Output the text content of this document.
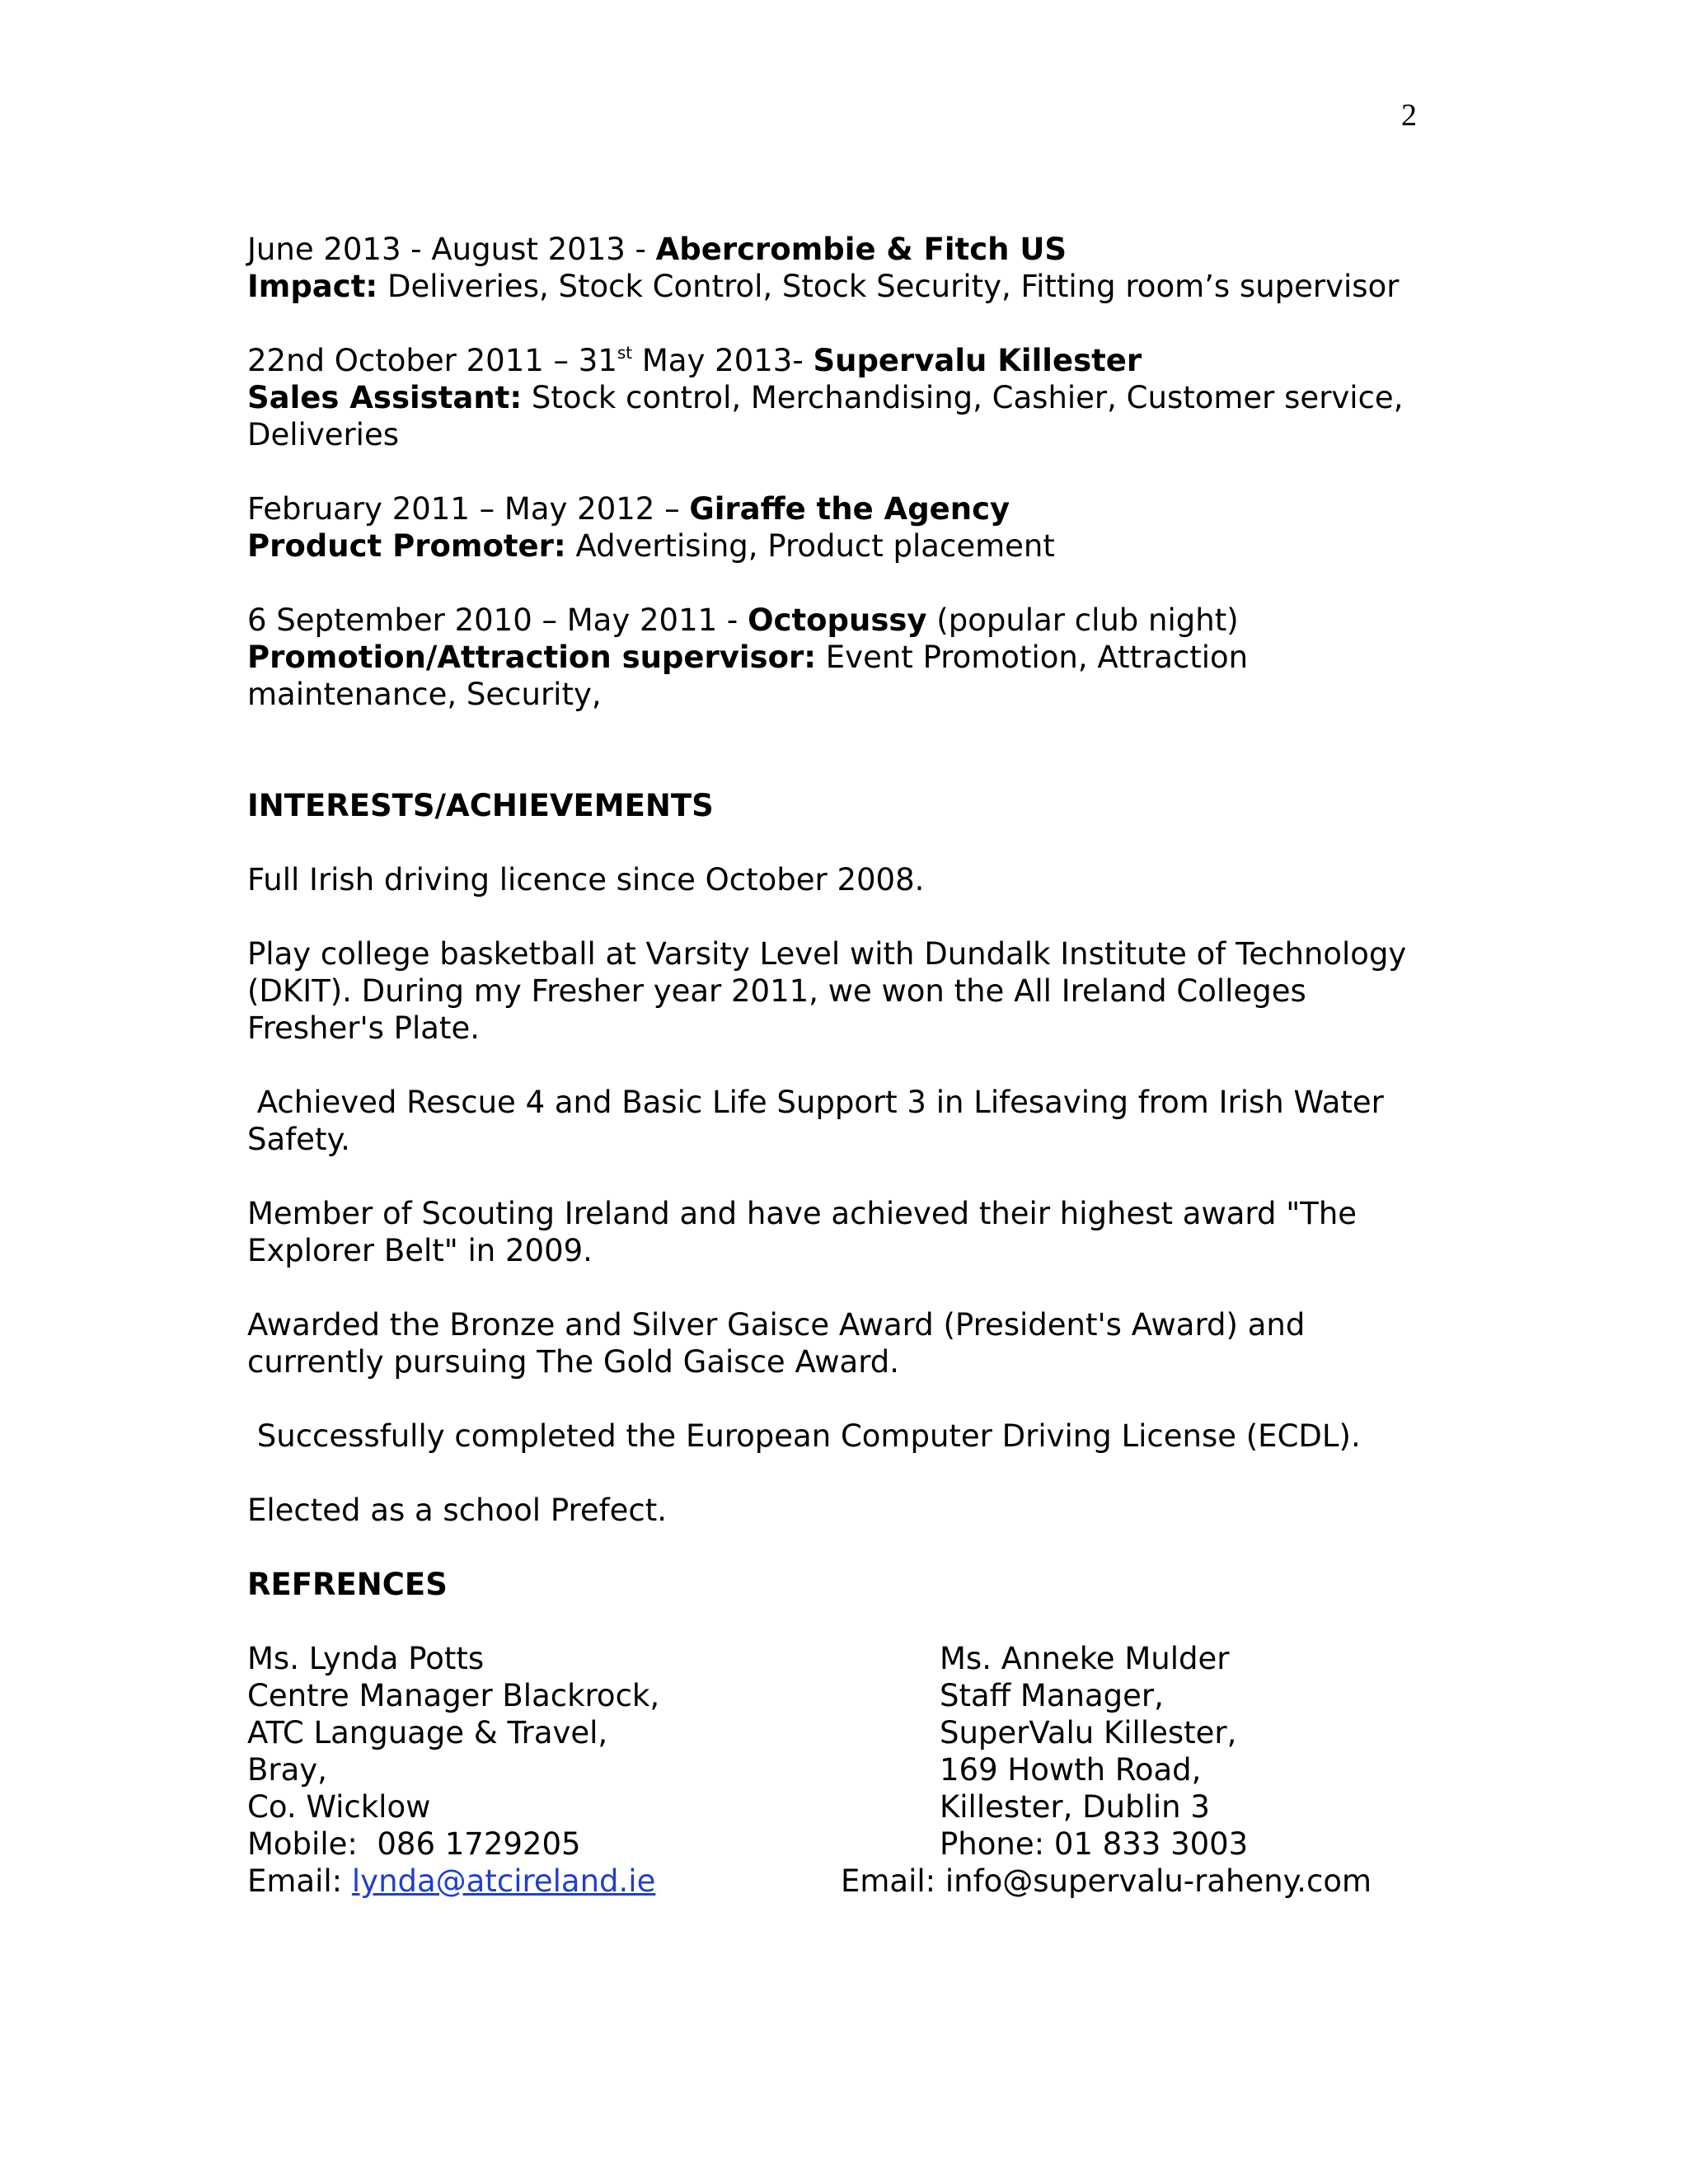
2
June 2013 - August 2013 - Abercrombie & Fitch US
Impact: Deliveries, Stock Control, Stock Security, Fitting room’s supervisor
22nd October 2011 – 31st May 2013- Supervalu Killester
Sales Assistant: Stock control, Merchandising, Cashier, Customer service,
Deliveries
February 2011 – May 2012 – Giraffe the Agency
Product Promoter: Advertising, Product placement
6 September 2010 – May 2011 - Octopussy (popular club night)
Promotion/Attraction supervisor: Event Promotion, Attraction
maintenance, Security,
INTERESTS/ACHIEVEMENTS
Full Irish driving licence since October 2008.
Play college basketball at Varsity Level with Dundalk Institute of Technology
(DKIT). During my Fresher year 2011, we won the All Ireland Colleges
Fresher's Plate.
Achieved Rescue 4 and Basic Life Support 3 in Lifesaving from Irish Water
Safety.
Member of Scouting Ireland and have achieved their highest award "The
Explorer Belt" in 2009.
Awarded the Bronze and Silver Gaisce Award (President's Award) and
currently pursuing The Gold Gaisce Award.
Successfully completed the European Computer Driving License (ECDL).
Elected as a school Prefect.
REFRENCES
Ms. Lynda Potts
Centre Manager Blackrock,
ATC Language & Travel,
Bray,
Co. Wicklow
Mobile:  086 1729205
Email: lynda@atcireland.ie
Ms. Anneke Mulder
Staff Manager,
SuperValu Killester,
169 Howth Road,
Killester, Dublin 3
Phone: 01 833 3003
Email: info@supervalu-raheny.com
